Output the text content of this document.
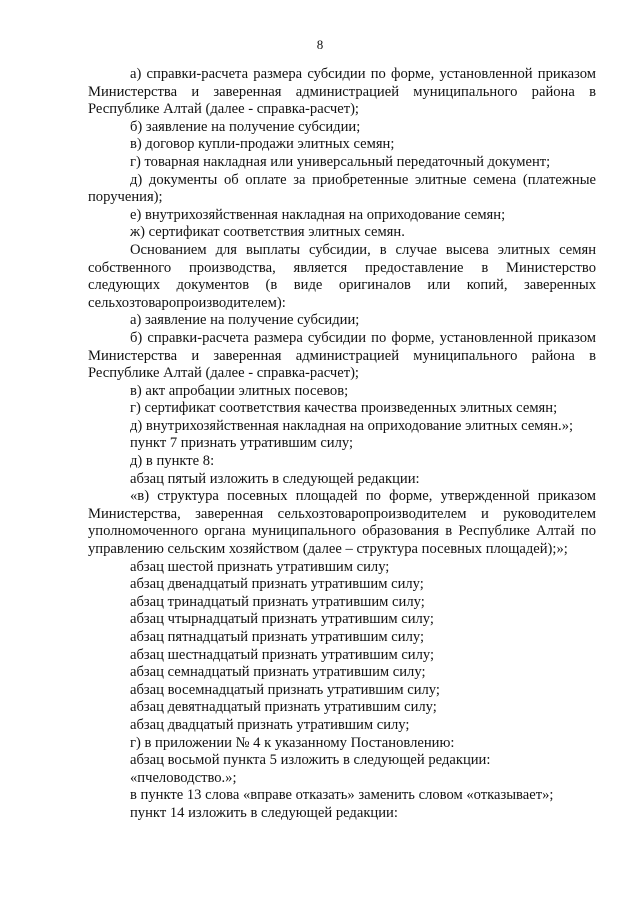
8

а) справки-расчета размера субсидии по форме, установленной приказом Министерства и заверенная администрацией муниципального района в Республике Алтай (далее - справка-расчет);

б) заявление на получение субсидии;

в) договор купли-продажи элитных семян;

г) товарная накладная или универсальный передаточный документ;

д) документы об оплате за приобретенные элитные семена (платежные поручения);

е) внутрихозяйственная накладная на оприходование семян;

ж) сертификат соответствия элитных семян.

Основанием для выплаты субсидии, в случае высева элитных семян собственного производства, является предоставление в Министерство следующих документов (в виде оригиналов или копий, заверенных сельхозтоваропроизводителем):

а) заявление на получение субсидии;

б) справки-расчета размера субсидии по форме, установленной приказом Министерства и заверенная администрацией муниципального района в Республике Алтай (далее - справка-расчет);

в) акт апробации элитных посевов;

г) сертификат соответствия качества произведенных элитных семян;

д) внутрихозяйственная накладная на оприходование элитных семян.»;

пункт 7 признать утратившим силу;

д) в пункте 8:

абзац пятый изложить в следующей редакции:

«в) структура посевных площадей по форме, утвержденной приказом Министерства, заверенная сельхозтоваропроизводителем и руководителем уполномоченного органа муниципального образования в Республике Алтай по управлению сельским хозяйством (далее – структура посевных площадей);»;

абзац шестой признать утратившим силу;

абзац двенадцатый признать утратившим силу;

абзац тринадцатый признать утратившим силу;

абзац чтырнадцатый признать утратившим силу;

абзац пятнадцатый признать утратившим силу;

абзац шестнадцатый признать утратившим силу;

абзац семнадцатый признать утратившим силу;

абзац восемнадцатый признать утратившим силу;

абзац девятнадцатый признать утратившим силу;

абзац двадцатый признать утратившим силу;

г) в приложении № 4 к указанному Постановлению:

абзац восьмой пункта 5 изложить в следующей редакции:

«пчеловодство.»;

в пункте 13 слова «вправе отказать» заменить словом «отказывает»;

пункт 14 изложить в следующей редакции:
